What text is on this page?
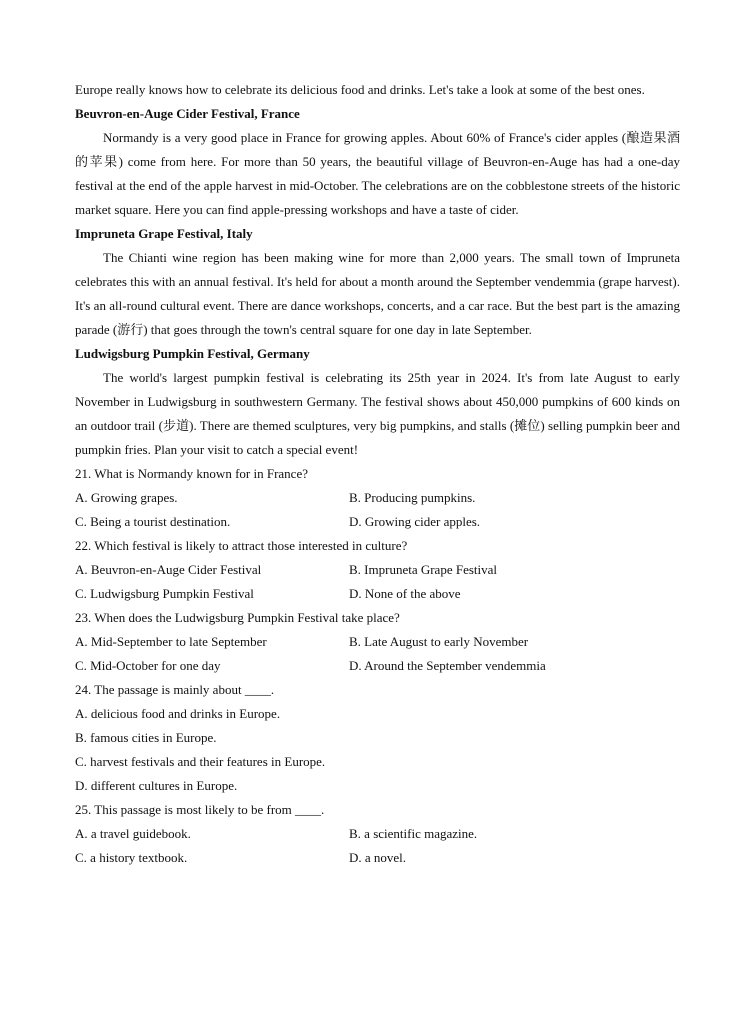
Europe really knows how to celebrate its delicious food and drinks. Let's take a look at some of the best ones.

Beuvron-en-Auge Cider Festival, France

Normandy is a very good place in France for growing apples. About 60% of France's cider apples (酿造果酒的苹果) come from here. For more than 50 years, the beautiful village of Beuvron-en-Auge has had a one-day festival at the end of the apple harvest in mid-October. The celebrations are on the cobblestone streets of the historic market square. Here you can find apple-pressing workshops and have a taste of cider.

Impruneta Grape Festival, Italy

The Chianti wine region has been making wine for more than 2,000 years. The small town of Impruneta celebrates this with an annual festival. It's held for about a month around the September vendemmia (grape harvest). It's an all-round cultural event. There are dance workshops, concerts, and a car race. But the best part is the amazing parade (游行) that goes through the town's central square for one day in late September.

Ludwigsburg Pumpkin Festival, Germany

The world's largest pumpkin festival is celebrating its 25th year in 2024. It's from late August to early November in Ludwigsburg in southwestern Germany. The festival shows about 450,000 pumpkins of 600 kinds on an outdoor trail (步道). There are themed sculptures, very big pumpkins, and stalls (摊位) selling pumpkin beer and pumpkin fries. Plan your visit to catch a special event!

21. What is Normandy known for in France?

A. Growing grapes.	B. Producing pumpkins.
C. Being a tourist destination.	D. Growing cider apples.

22. Which festival is likely to attract those interested in culture?

A. Beuvron-en-Auge Cider Festival	B. Impruneta Grape Festival
C. Ludwigsburg Pumpkin Festival	D. None of the above

23. When does the Ludwigsburg Pumpkin Festival take place?

A. Mid-September to late September	B. Late August to early November
C. Mid-October for one day	D. Around the September vendemmia

24. The passage is mainly about ____.

A. delicious food and drinks in Europe.
B. famous cities in Europe.
C. harvest festivals and their features in Europe.
D. different cultures in Europe.

25. This passage is most likely to be from ____.

A. a travel guidebook.	B. a scientific magazine.
C. a history textbook.	D. a novel.
